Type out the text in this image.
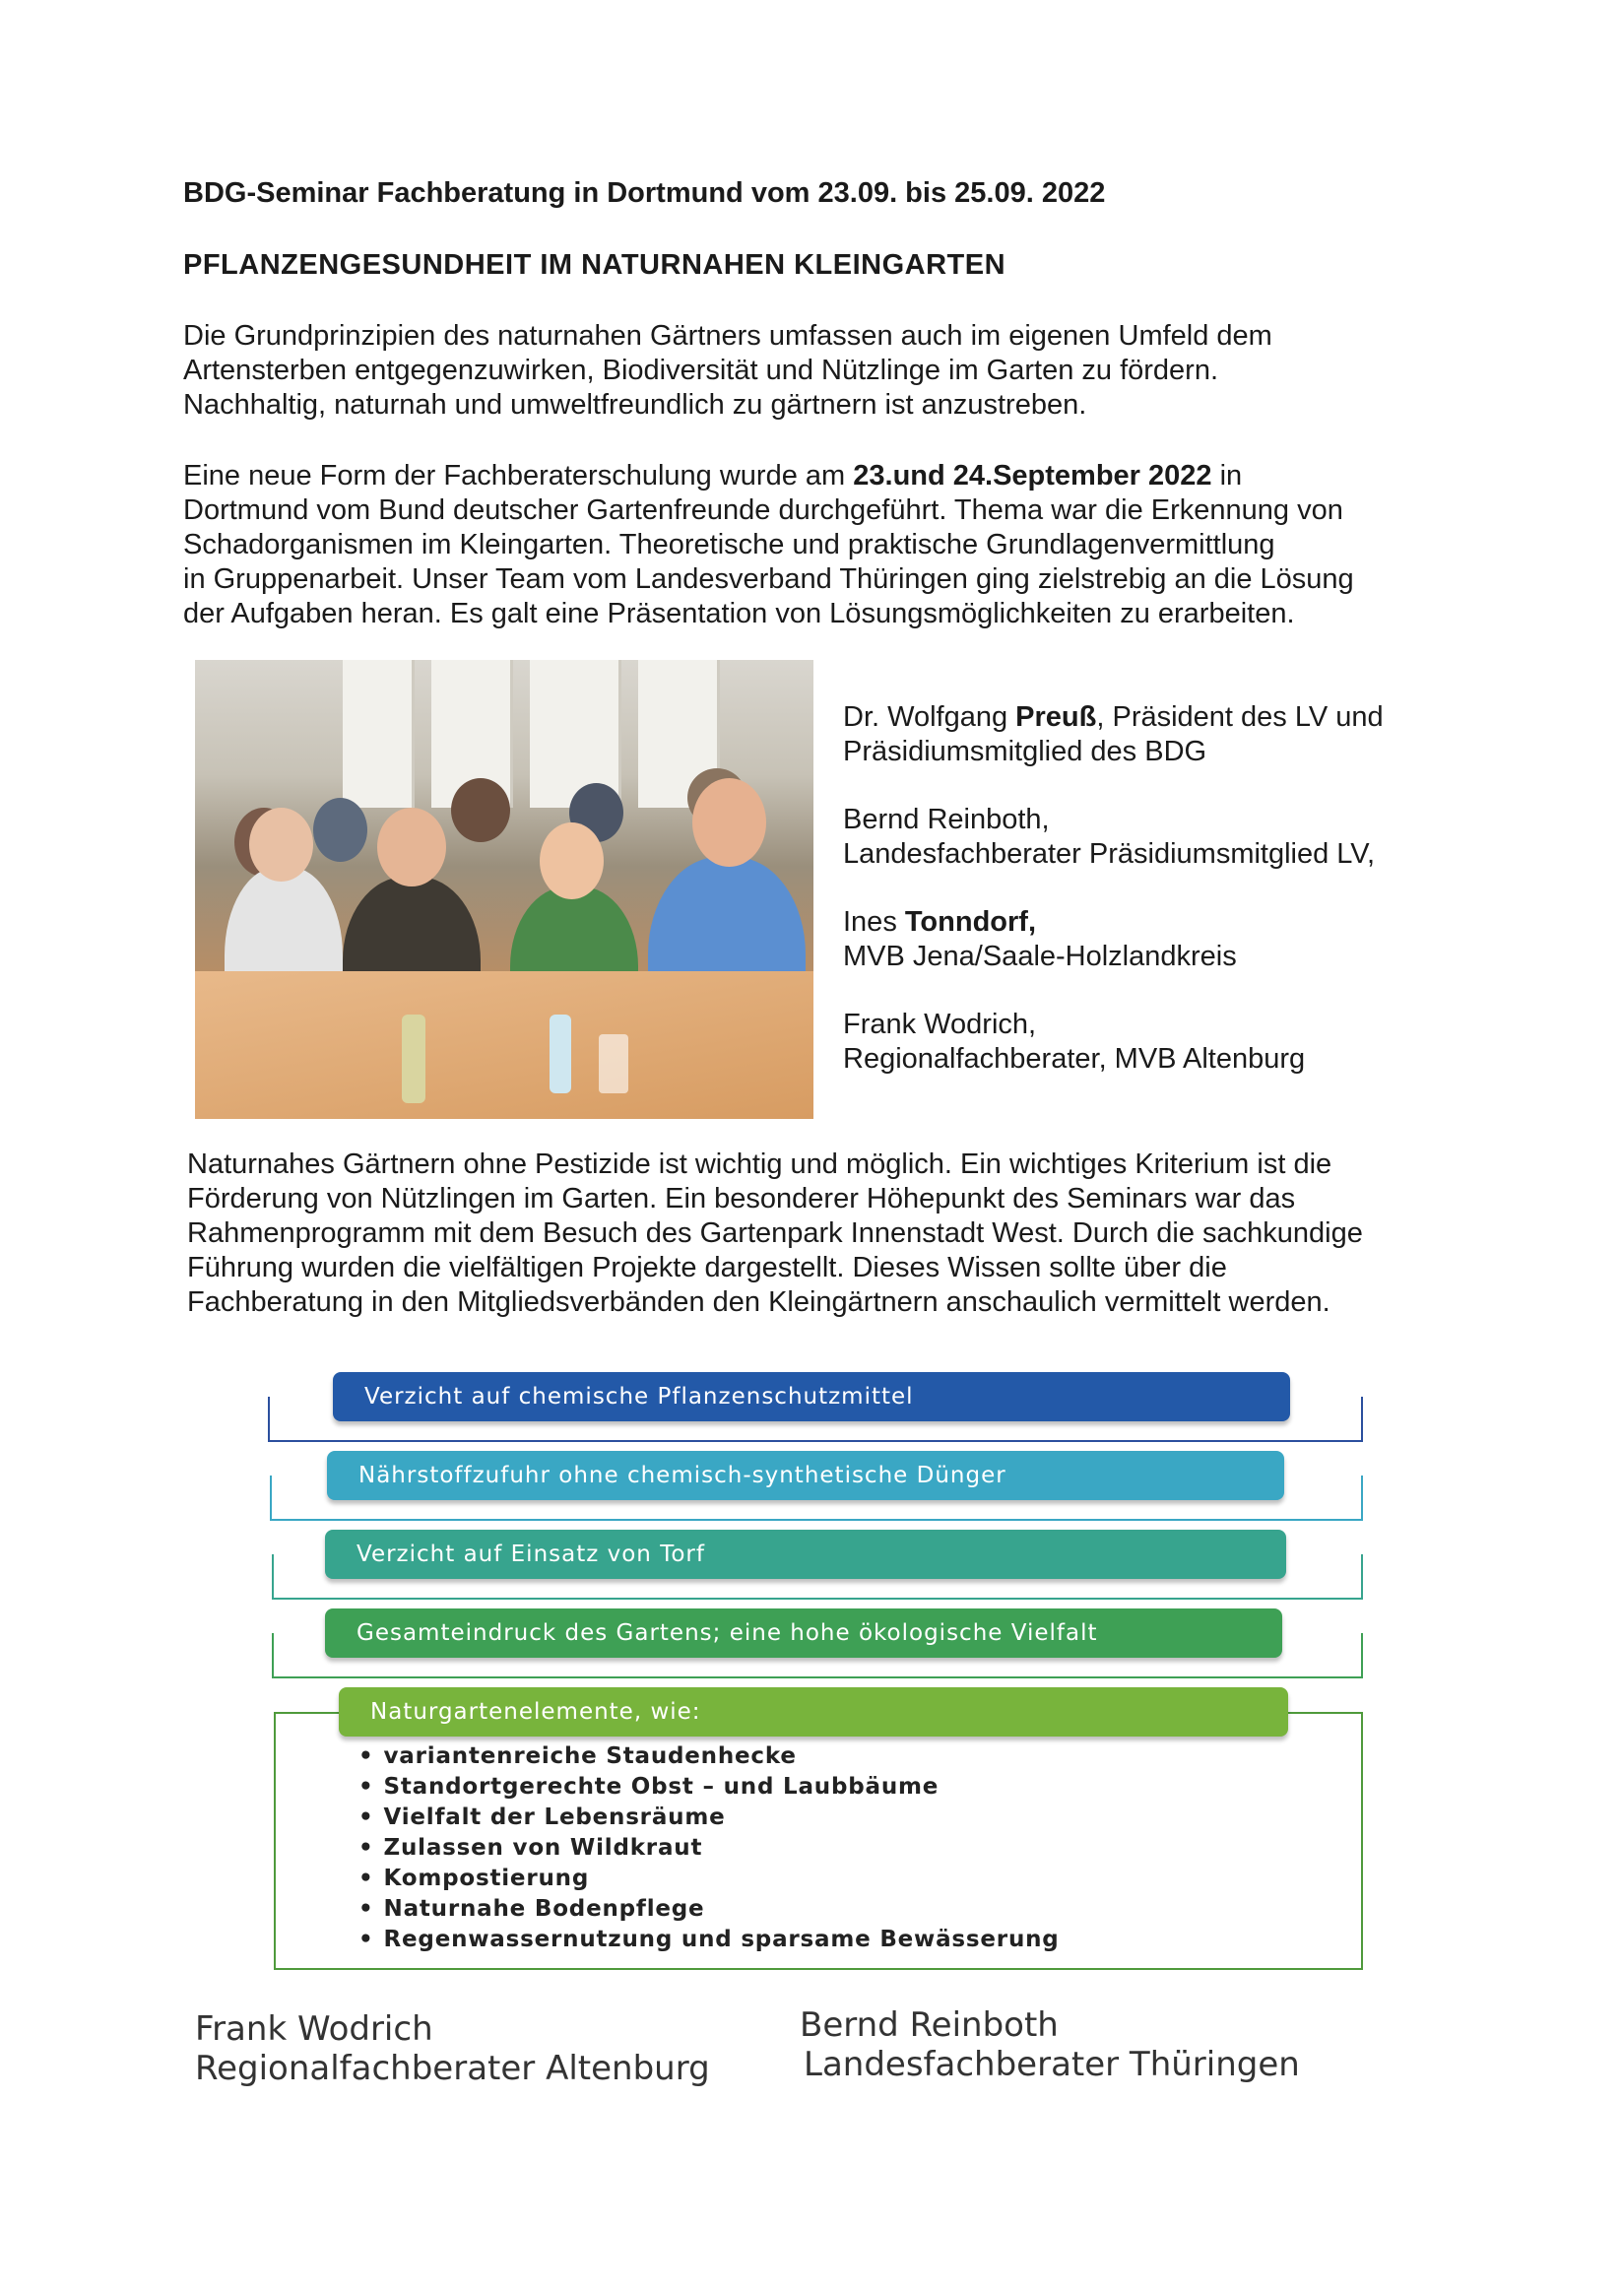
BDG-Seminar Fachberatung in Dortmund vom 23.09. bis 25.09. 2022
PFLANZENGESUNDHEIT IM NATURNAHEN KLEINGARTEN
Die Grundprinzipien des naturnahen Gärtners umfassen auch im eigenen Umfeld dem
Artensterben entgegenzuwirken, Biodiversität und Nützlinge im Garten zu fördern.
Nachhaltig, naturnah und umweltfreundlich zu gärtnern ist anzustreben.
Eine neue Form der Fachberaterschulung wurde am 23.und 24.September 2022 in
Dortmund vom Bund deutscher Gartenfreunde durchgeführt. Thema war die Erkennung von
Schadorganismen im Kleingarten. Theoretische und praktische Grundlagenvermittlung
in Gruppenarbeit. Unser Team vom Landesverband Thüringen ging zielstrebig an die Lösung
der Aufgaben heran. Es galt eine Präsentation von Lösungsmöglichkeiten zu erarbeiten.
Dr. Wolfgang Preuß, Präsident des LV und
Präsidiumsmitglied des BDG
Bernd Reinboth,
Landesfachberater Präsidiumsmitglied LV,
Ines Tonndorf,
MVB Jena/Saale-Holzlandkreis
Frank Wodrich,
Regionalfachberater, MVB Altenburg
Naturnahes Gärtnern ohne Pestizide ist wichtig und möglich. Ein wichtiges Kriterium ist die
Förderung von Nützlingen im Garten. Ein besonderer Höhepunkt des Seminars war das
Rahmenprogramm mit dem Besuch des Gartenpark Innenstadt West. Durch die sachkundige
Führung wurden die vielfältigen Projekte dargestellt. Dieses Wissen sollte über die
Fachberatung in den Mitgliedsverbänden den Kleingärtnern anschaulich vermittelt werden.
Verzicht auf chemische Pflanzenschutzmittel
Nährstoffzufuhr ohne chemisch-synthetische Dünger
Verzicht auf Einsatz von Torf
Gesamteindruck des Gartens; eine hohe ökologische Vielfalt
Naturgartenelemente, wie:
• variantenreiche Staudenhecke
• Standortgerechte Obst – und Laubbäume
• Vielfalt der Lebensräume
• Zulassen von Wildkraut
• Kompostierung
• Naturnahe Bodenpflege
• Regenwassernutzung und sparsame Bewässerung
Frank Wodrich
Regionalfachberater Altenburg
Bernd Reinboth
Landesfachberater Thüringen
